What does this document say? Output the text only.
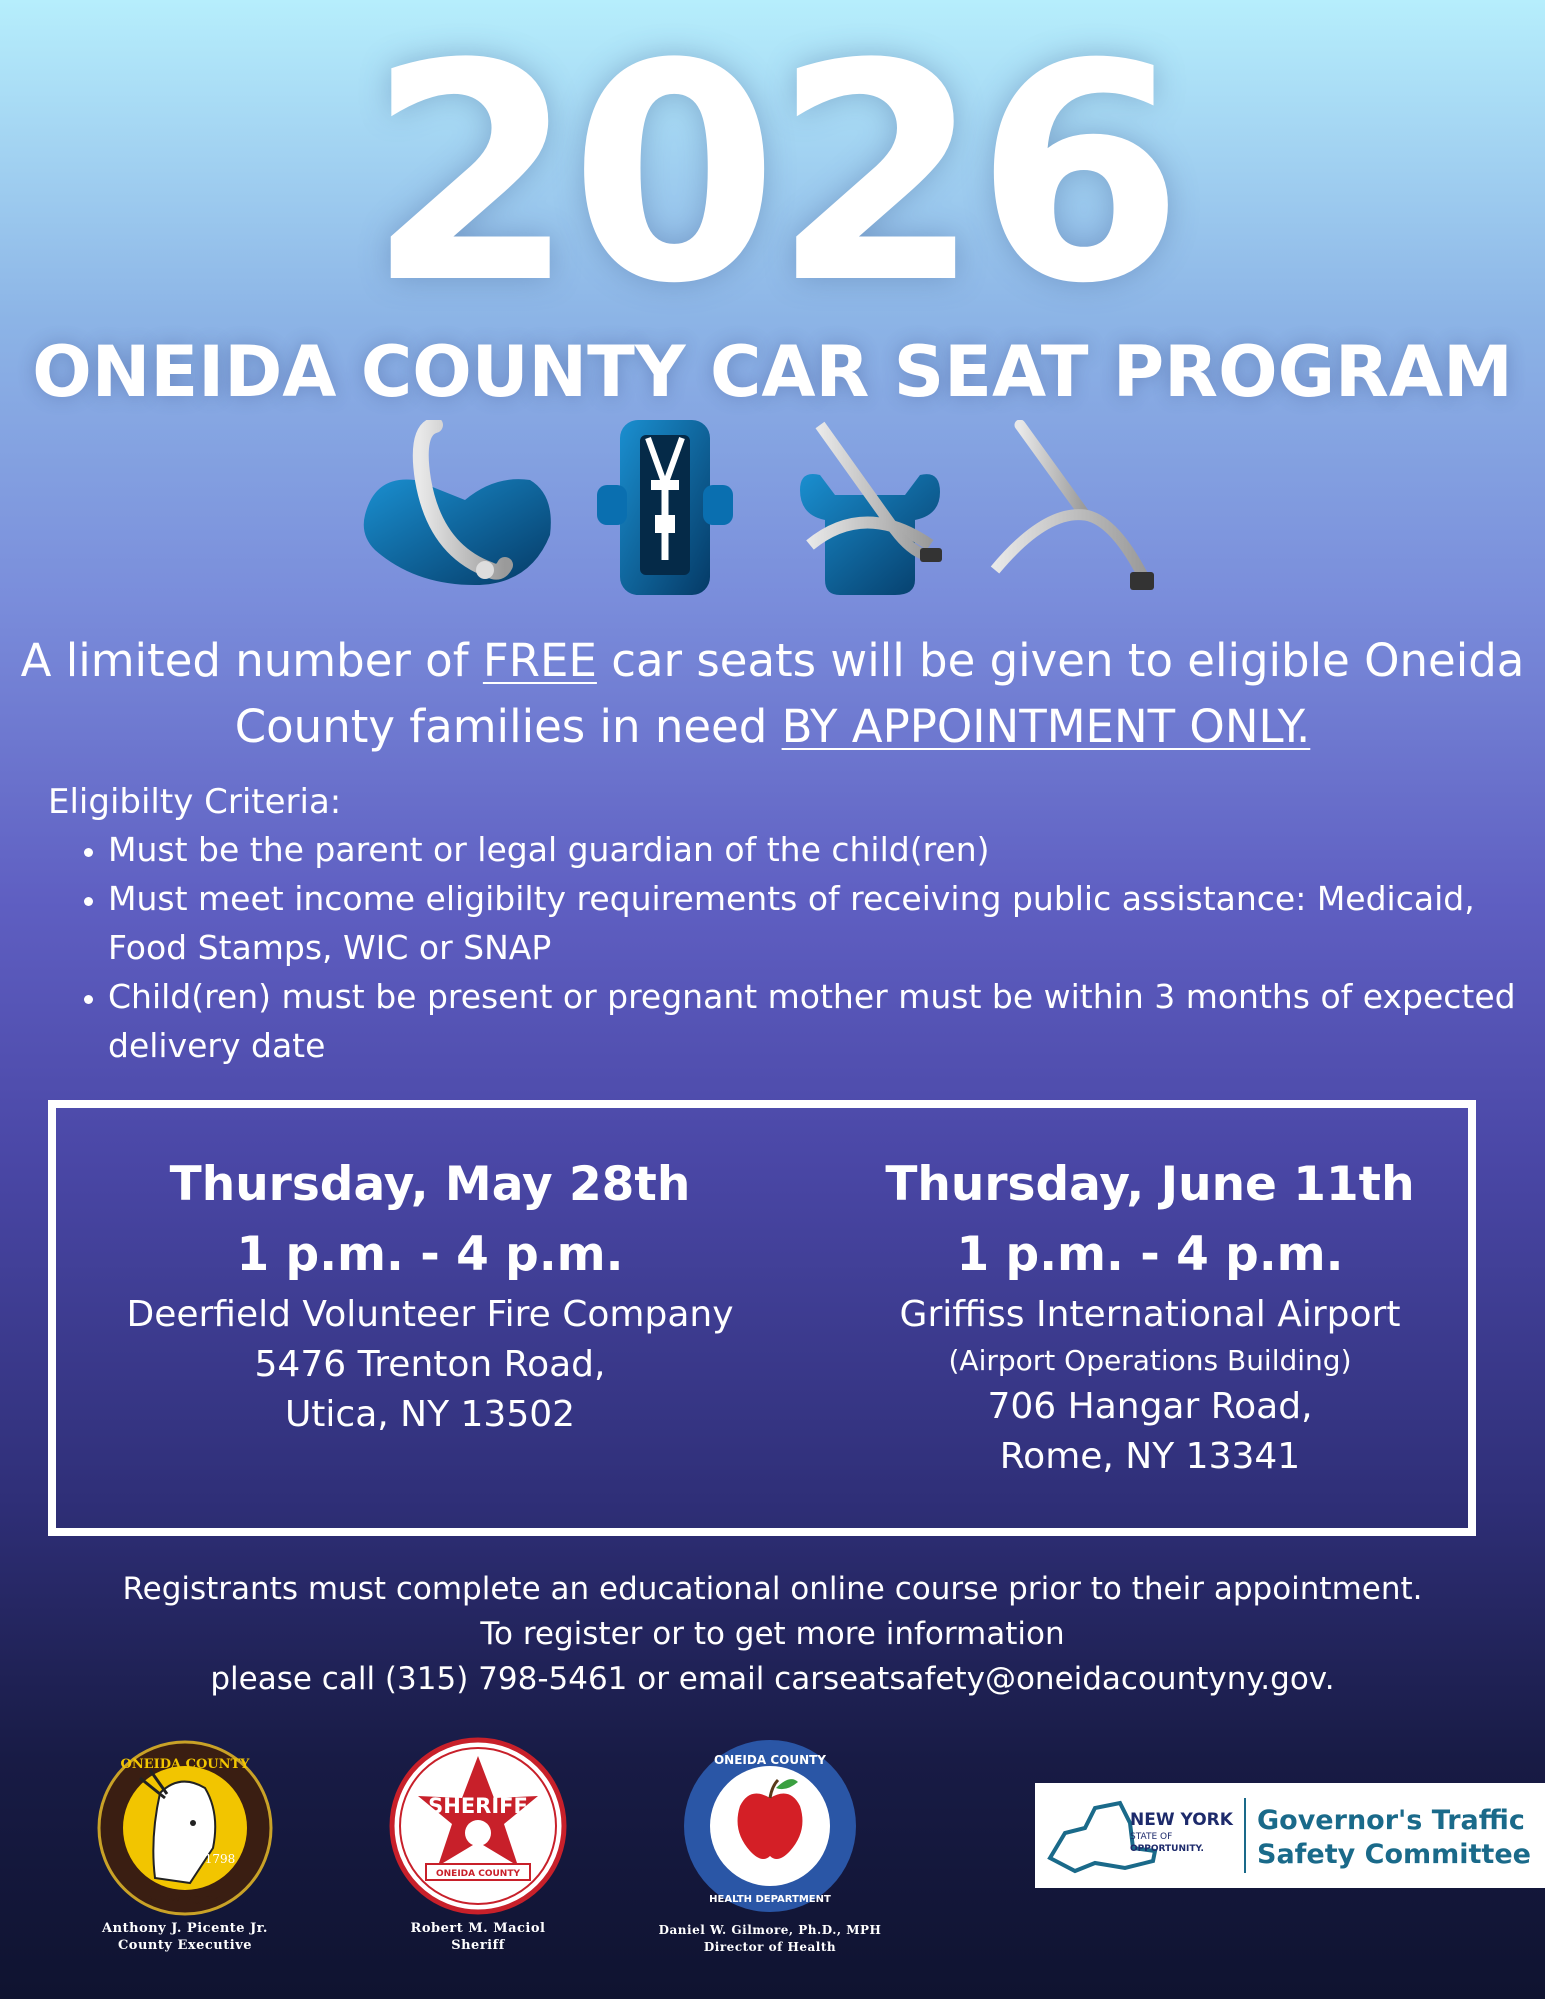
2026
ONEIDA COUNTY CAR SEAT PROGRAM
A limited number of FREE car seats will be given to eligible Oneida County families in need BY APPOINTMENT ONLY.
Eligibilty Criteria:
• Must be the parent or legal guardian of the child(ren)
• Must meet income eligibilty requirements of receiving public assistance: Medicaid, Food Stamps, WIC or SNAP
• Child(ren) must be present or pregnant mother must be within 3 months of expected delivery date
Thursday, May 28th
1 p.m. - 4 p.m.
Deerfield Volunteer Fire Company
5476 Trenton Road,
Utica, NY 13502
Thursday, June 11th
1 p.m. - 4 p.m.
Griffiss International Airport
(Airport Operations Building)
706 Hangar Road,
Rome, NY 13341
Registrants must complete an educational online course prior to their appointment.
To register or to get more information
please call (315) 798-5461 or email carseatsafety@oneidacountyny.gov.
ONEIDA COUNTY
NEW YORK
1798
Anthony J. Picente Jr.
County Executive
SHERIFF
ONEIDA COUNTY
Robert M. Maciol
Sheriff
ONEIDA COUNTY
HEALTH DEPARTMENT
Daniel W. Gilmore, Ph.D., MPH
Director of Health
NEW YORK
STATE OF
OPPORTUNITY.
Governor's Traffic
Safety Committee
